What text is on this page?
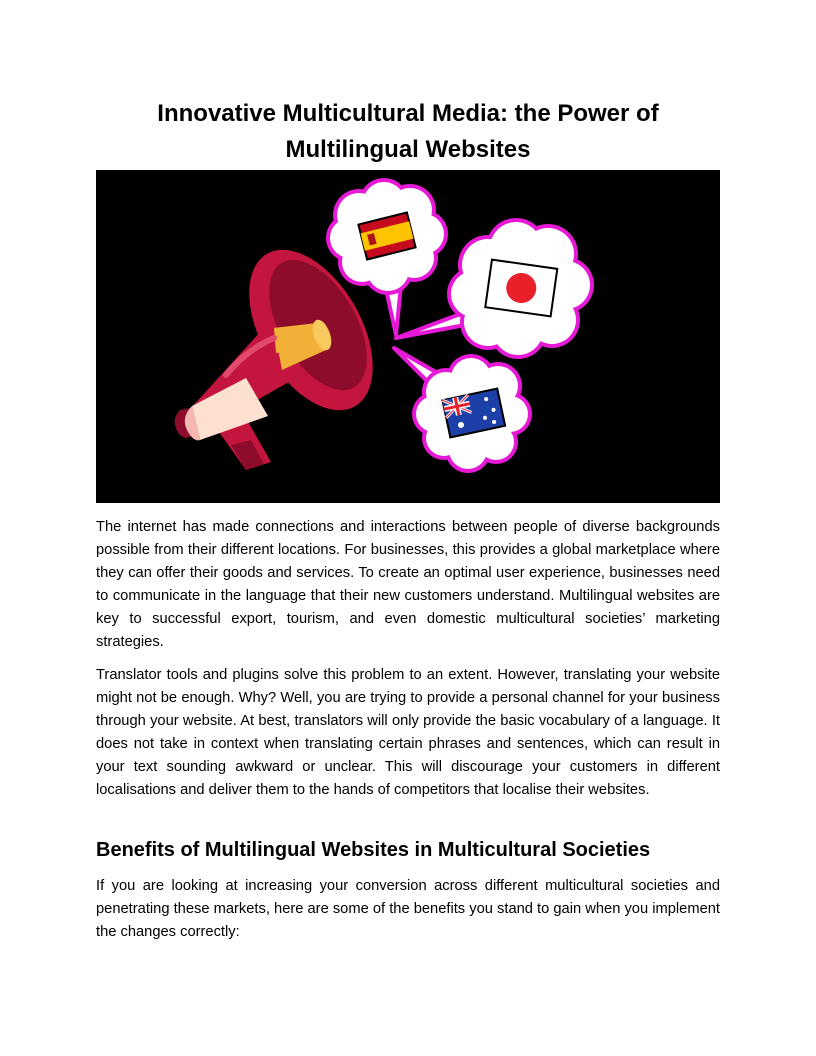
Innovative Multicultural Media: the Power of Multilingual Websites

The internet has made connections and interactions between people of diverse backgrounds possible from their different locations. For businesses, this provides a global marketplace where they can offer their goods and services. To create an optimal user experience, businesses need to communicate in the language that their new customers understand. Multilingual websites are key to successful export, tourism, and even domestic multicultural societies’ marketing strategies.

Translator tools and plugins solve this problem to an extent. However, translating your website might not be enough. Why? Well, you are trying to provide a personal channel for your business through your website. At best, translators will only provide the basic vocabulary of a language. It does not take in context when translating certain phrases and sentences, which can result in your text sounding awkward or unclear. This will discourage your customers in different localisations and deliver them to the hands of competitors that localise their websites.

Benefits of Multilingual Websites in Multicultural Societies

If you are looking at increasing your conversion across different multicultural societies and penetrating these markets, here are some of the benefits you stand to gain when you implement the changes correctly:
